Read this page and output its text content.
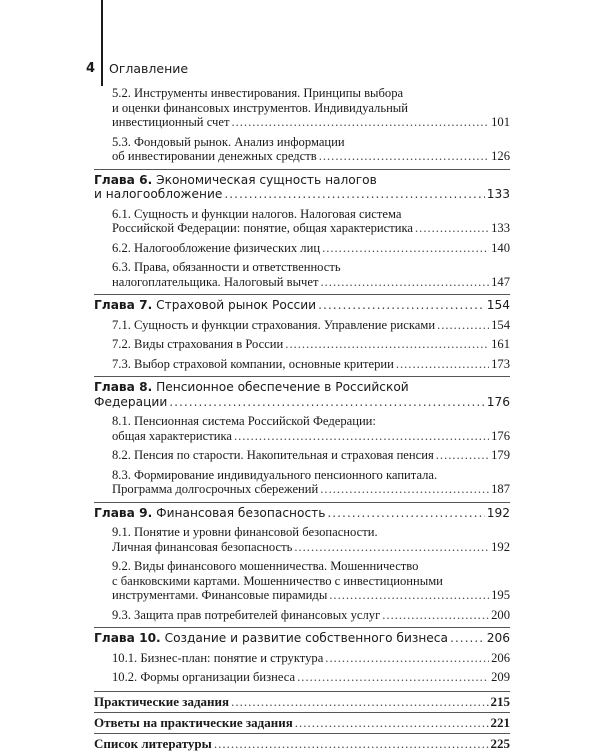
4	Оглавление
5.2. Инструменты инвестирования. Принципы выбора
и оценки финансовых инструментов. Индивидуальный
инвестиционный счет .....	101
5.3. Фондовый рынок. Анализ информации
об инвестировании денежных средств .....	126
Глава 6. Экономическая сущность налогов
и налогообложение .....	133
6.1. Сущность и функции налогов. Налоговая система
Российской Федерации: понятие, общая характеристика .....	133
6.2. Налогообложение физических лиц .....	140
6.3. Права, обязанности и ответственность
налогоплательщика. Налоговый вычет .....	147
Глава 7.
Страховой рынок России .....	154
7.1. Сущность и функции страхования. Управление рисками .....	154
7.2. Виды страхования в России .....	161
7.3. Выбор страховой компании, основные критерии .....	173
Глава 8. Пенсионное обеспечение в Российской
Федерации .....	176
8.1. Пенсионная система Российской Федерации:
общая характеристика .....	176
8.2. Пенсия по старости. Накопительная и страховая пенсия .....	179
8.3. Формирование индивидуального пенсионного капитала.
Программа долгосрочных сбережений .....	187
Глава 9.
Финансовая безопасность .....	192
9.1. Понятие и уровни финансовой безопасности.
Личная финансовая безопасность .....	192
9.2. Виды финансового мошенничества. Мошенничество
с банковскими картами. Мошенничество с инвестиционными
инструментами. Финансовые пирамиды .....	195
9.3. Защита прав потребителей финансовых услуг .....	200
Глава 10.
Создание и развитие собственного бизнеса .....	206
10.1. Бизнес-план: понятие и структура .....	206
10.2. Формы организации бизнеса .....	209
Практические задания .....	215
Ответы на практические задания .....	221
Список литературы .....	225
